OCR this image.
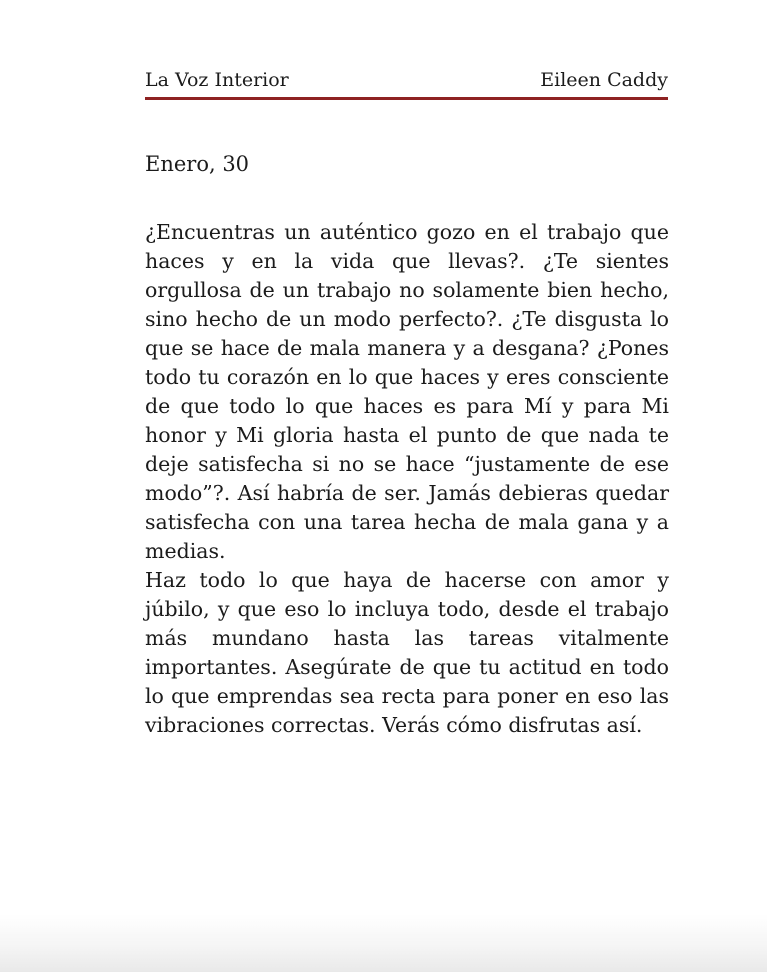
La Voz Interior	Eileen Caddy
Enero, 30

¿Encuentras un auténtico gozo en el trabajo que haces y en la vida que llevas?. ¿Te sientes orgullosa de un trabajo no solamente bien hecho, sino hecho de un modo perfecto?. ¿Te disgusta lo que se hace de mala manera y a desgana? ¿Pones todo tu corazón en lo que haces y eres consciente de que todo lo que haces es para Mí y para Mi honor y Mi gloria hasta el punto de que nada te deje satisfecha si no se hace “justamente de ese modo”?. Así habría de ser. Jamás debieras quedar satisfecha con una tarea hecha de mala gana y a medias.

Haz todo lo que haya de hacerse con amor y júbilo, y que eso lo incluya todo, desde el trabajo más mundano hasta las tareas vitalmente importantes. Asegúrate de que tu actitud en todo lo que emprendas sea recta para poner en eso las vibraciones correctas. Verás cómo disfrutas así.
